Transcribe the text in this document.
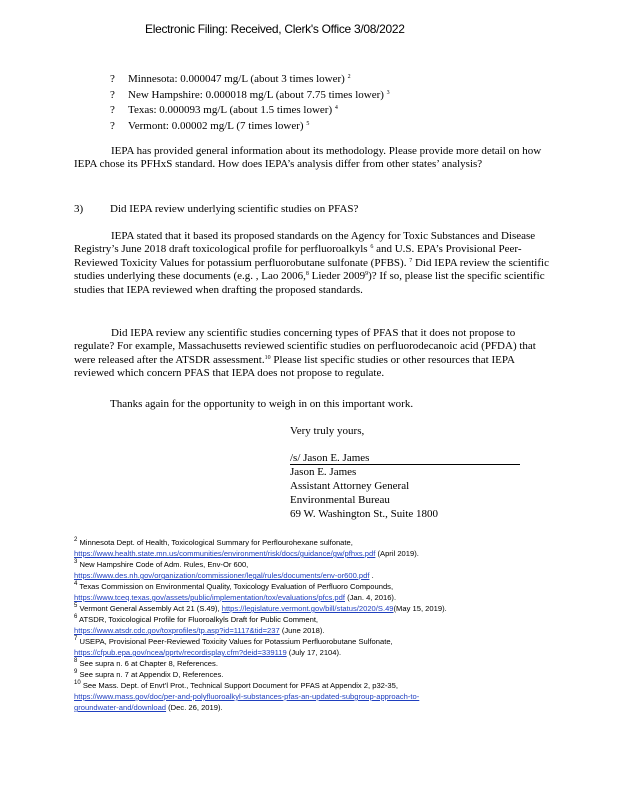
Electronic Filing: Received, Clerk's Office 3/08/2022
? Minnesota: 0.000047 mg/L (about 3 times lower) $^2$
? New Hampshire: 0.000018 mg/L (about 7.75 times lower) $^3$
? Texas: 0.000093 mg/L (about 1.5 times lower) $^4$
? Vermont: 0.00002 mg/L (7 times lower) $^5$
IEPA has provided general information about its methodology. Please provide more detail on how IEPA chose its PFHxS standard. How does IEPA’s analysis differ from other states’ analysis?
3) Did IEPA review underlying scientific studies on PFAS?
IEPA stated that it based its proposed standards on the Agency for Toxic Substances and Disease Registry’s June 2018 draft toxicological profile for perfluoroalkyls $^6$ and U.S. EPA’s Provisional Peer-Reviewed Toxicity Values for potassium perfluorobutane sulfonate (PFBS). $^7$ Did IEPA review the scientific studies underlying these documents (e.g. , Lao 2006,$^8$ Lieder 2009$^9$)? If so, please list the specific scientific studies that IEPA reviewed when drafting the proposed standards.
Did IEPA review any scientific studies concerning types of PFAS that it does not propose to regulate? For example, Massachusetts reviewed scientific studies on perfluorodecanoic acid (PFDA) that were released after the ATSDR assessment.$^{10}$ Please list specific studies or other resources that IEPA reviewed which concern PFAS that IEPA does not propose to regulate.
Thanks again for the opportunity to weigh in on this important work.
Very truly yours,
/s/ Jason E. James
Jason E. James
Assistant Attorney General
Environmental Bureau
69 W. Washington St., Suite 1800
$^2$ Minnesota Dept. of Health, Toxicological Summary for Perflourohexane sulfonate,
https://www.health.state.mn.us/communities/environment/risk/docs/guidance/gw/pfhxs.pdf (April 2019).
$^3$ New Hampshire Code of Adm. Rules, Env-Or 600,
https://www.des.nh.gov/organization/commissioner/legal/rules/documents/env-or600.pdf .
$^4$ Texas Commission on Environmental Quality, Toxicology Evaluation of Perfluoro Compounds,
https://www.tceq.texas.gov/assets/public/implementation/tox/evaluations/pfcs.pdf (Jan. 4, 2016).
$^5$ Vermont General Assembly Act 21 (S.49), https://legislature.vermont.gov/bill/status/2020/S.49(May 15, 2019).
$^6$ ATSDR, Toxicological Profile for Fluoroalkyls Draft for Public Comment,
https://www.atsdr.cdc.gov/toxprofiles/tp.asp?id=1117&tid=237 (June 2018).
$^7$ USEPA, Provisional Peer-Reviewed Toxicity Values for Potassium Perfluorobutane Sulfonate,
https://cfpub.epa.gov/ncea/pprtv/recordisplay.cfm?deid=339119 (July 17, 2104).
$^8$ See supra n. 6 at Chapter 8, References.
$^9$ See supra n. 7 at Appendix D, References.
$^{10}$ See Mass. Dept. of Envt’l Prot., Technical Support Document for PFAS at Appendix 2, p32-35,
https://www.mass.gov/doc/per-and-polyfluoroalkyl-substances-pfas-an-updated-subgroup-approach-to-
groundwater-and/download (Dec. 26, 2019).
